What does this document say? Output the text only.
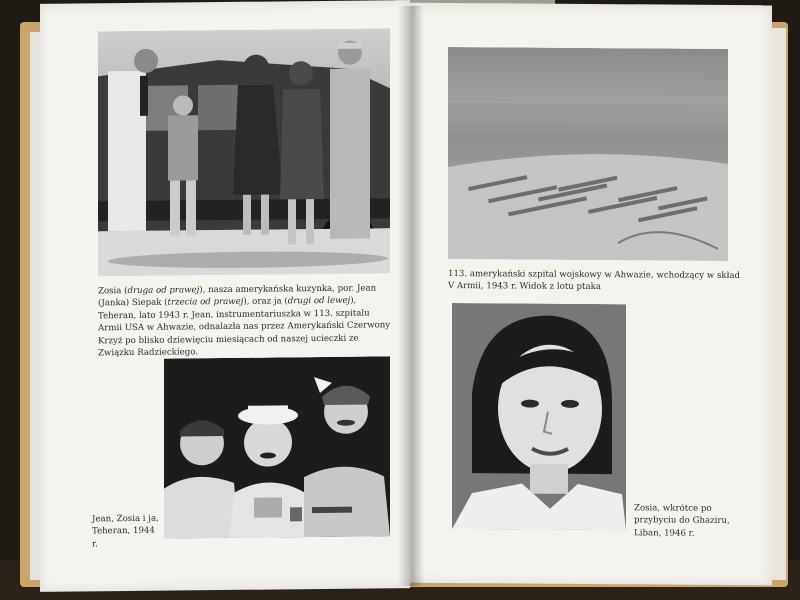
Zosia (druga od prawej), nasza amerykańska kuzynka, por. Jean (Janka) Siepak (trzecia od prawej), oraz ja (drugi od lewej), Teheran, lato 1943 r. Jean, instrumentariuszka w 113. szpitalu Armii USA w Ahwazie, odnalazła nas przez Amerykański Czerwony Krzyż po blisko dziewięciu miesiącach od naszej ucieczki ze Związku Radzieckiego.
Jean, Zosia i ja, Teheran, 1944 r.
113. amerykański szpital wojskowy w Ahwazie, wchodzący w skład V Armii, 1943 r. Widok z lotu ptaka
Zosia, wkrótce po przybyciu do Ghaziru, Liban, 1946 r.
